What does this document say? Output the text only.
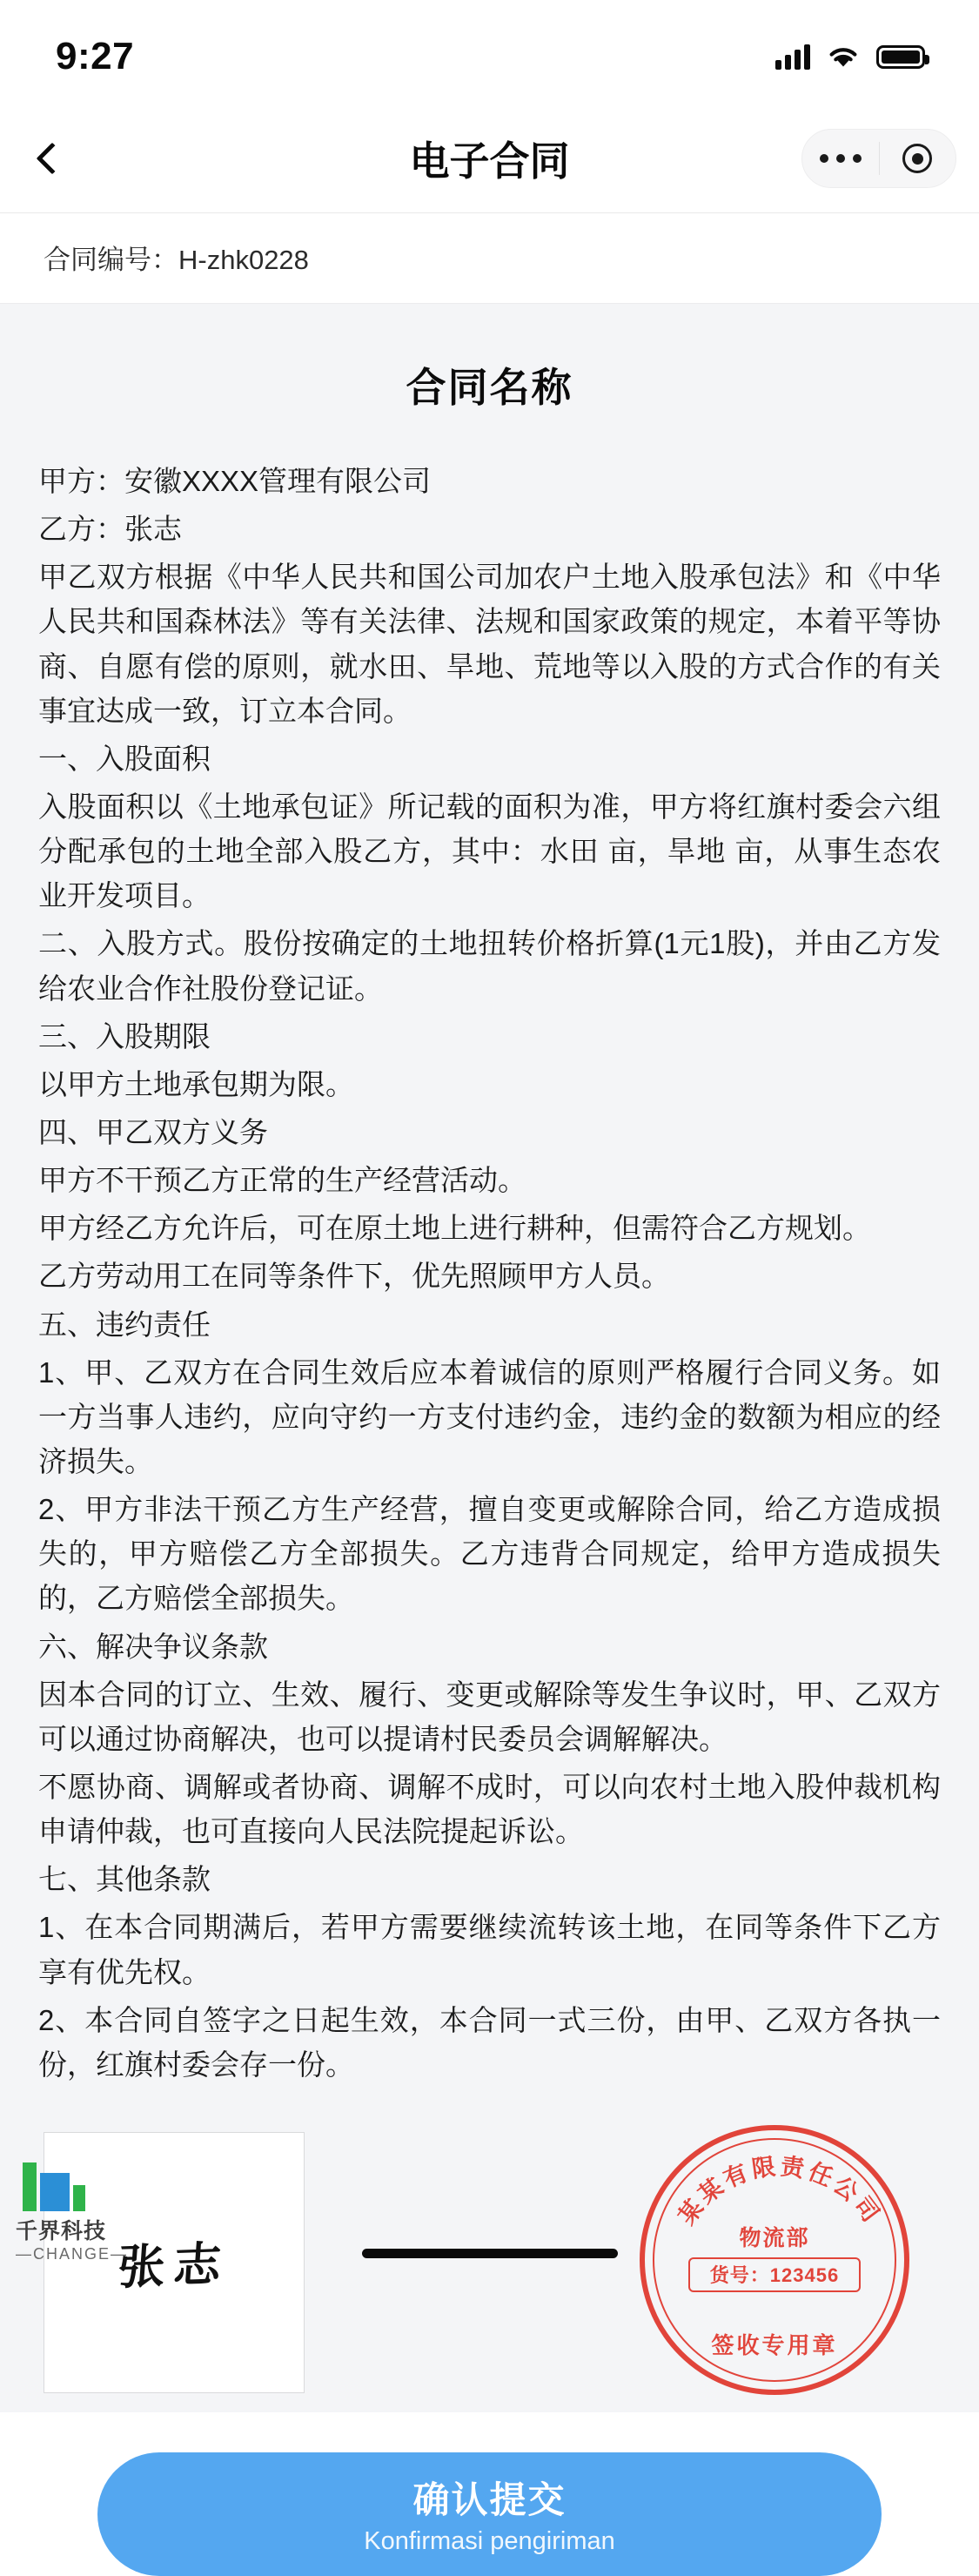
9:27
电子合同
合同编号：H-zhk0228
合同名称

甲方：安徽XXXX管理有限公司

乙方：张志

甲乙双方根据《中华人民共和国公司加农户土地入股承包法》和《中华人民共和国森林法》等有关法律、法规和国家政策的规定，本着平等协商、自愿有偿的原则，就水田、旱地、荒地等以入股的方式合作的有关事宜达成一致，订立本合同。

一、入股面积

入股面积以《土地承包证》所记载的面积为准，甲方将红旗村委会六组分配承包的土地全部入股乙方，其中：水田 亩，旱地 亩，从事生态农业开发项目。

二、入股方式。股份按确定的土地扭转价格折算(1元1股)，并由乙方发给农业合作社股份登记证。

三、入股期限

以甲方土地承包期为限。

四、甲乙双方义务

甲方不干预乙方正常的生产经营活动。

甲方经乙方允许后，可在原土地上进行耕种，但需符合乙方规划。

乙方劳动用工在同等条件下，优先照顾甲方人员。

五、违约责任

1、甲、乙双方在合同生效后应本着诚信的原则严格履行合同义务。如一方当事人违约，应向守约一方支付违约金，违约金的数额为相应的经济损失。

2、甲方非法干预乙方生产经营，擅自变更或解除合同，给乙方造成损失的，甲方赔偿乙方全部损失。乙方违背合同规定，给甲方造成损失的，乙方赔偿全部损失。

六、解决争议条款

因本合同的订立、生效、履行、变更或解除等发生争议时，甲、乙双方可以通过协商解决，也可以提请村民委员会调解解决。

不愿协商、调解或者协商、调解不成时，可以向农村土地入股仲裁机构申请仲裁，也可直接向人民法院提起诉讼。

七、其他条款

1、在本合同期满后，若甲方需要继续流转该土地，在同等条件下乙方享有优先权。

2、本合同自签字之日起生效，本合同一式三份，由甲、乙双方各执一份，红旗村委会存一份。

张志
某某有限责任公司
物流部
货号：123456
签收专用章
确认提交
Konfirmasi pengiriman
千界科技
—CHANGE—
